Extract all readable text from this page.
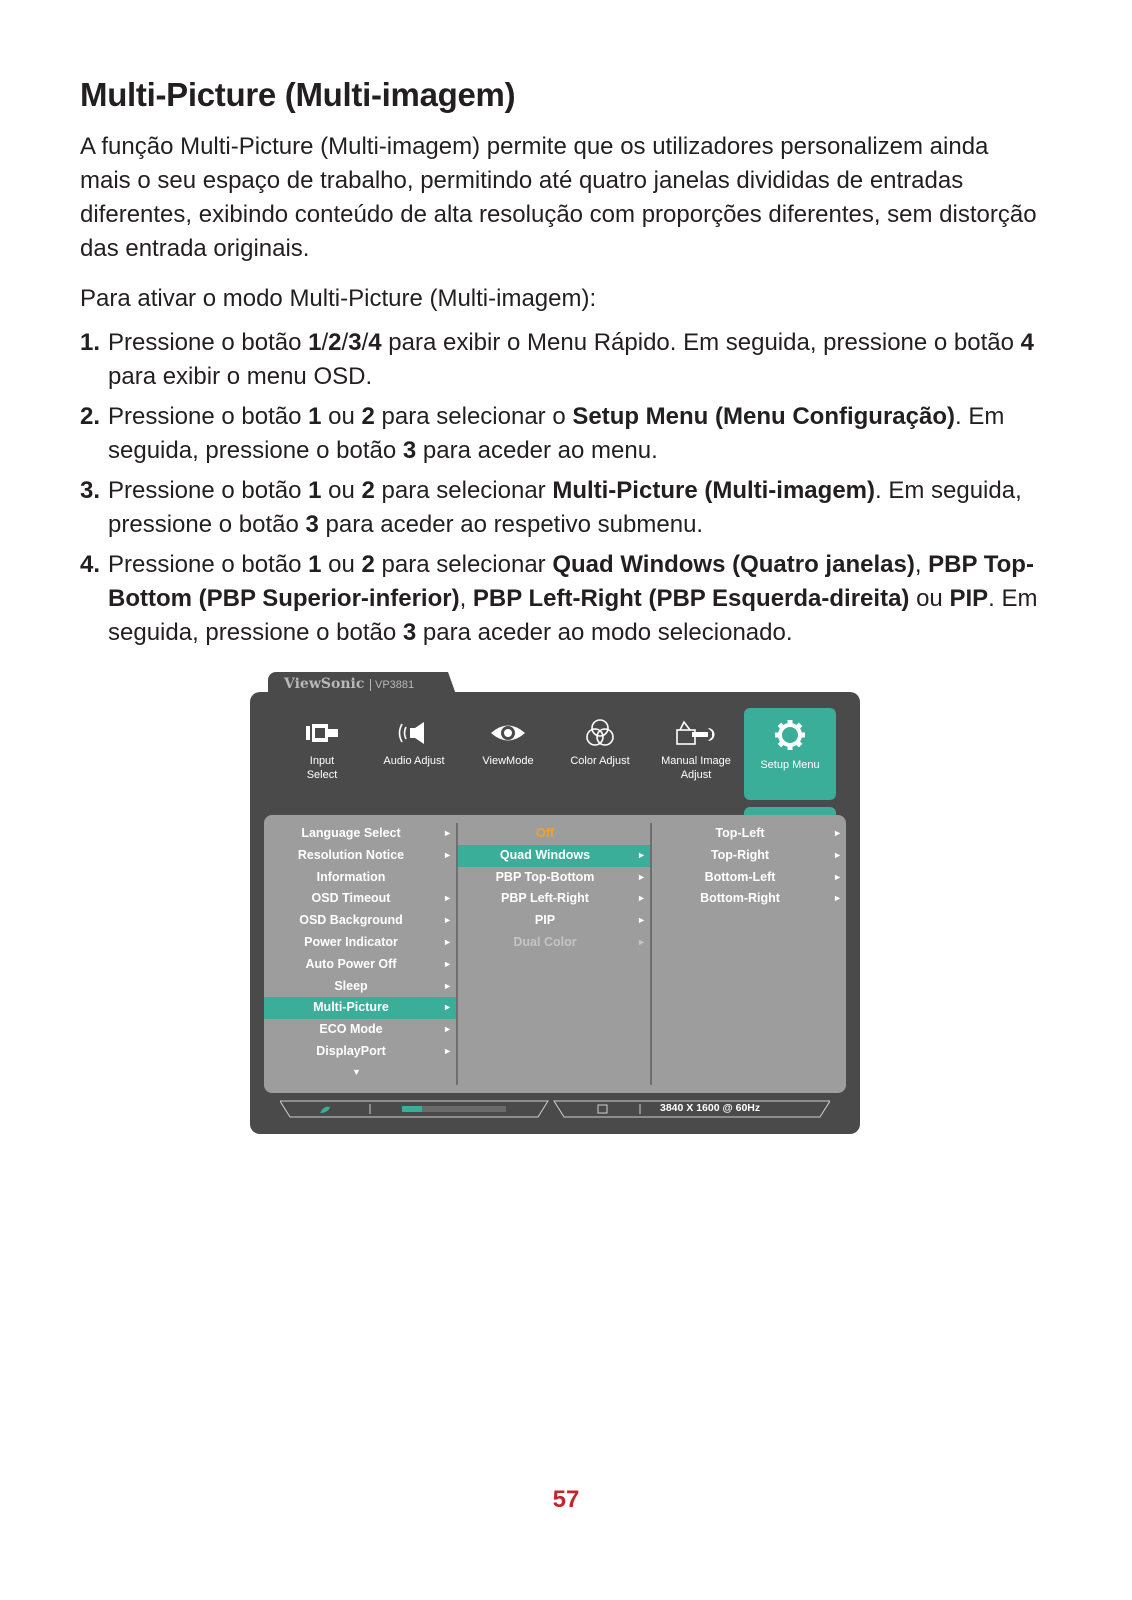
Multi-Picture (Multi-imagem)

A função Multi-Picture (Multi-imagem) permite que os utilizadores personalizem ainda mais o seu espaço de trabalho, permitindo até quatro janelas divididas de entradas diferentes, exibindo conteúdo de alta resolução com proporções diferentes, sem distorção das entrada originais.

Para ativar o modo Multi-Picture (Multi-imagem):

1. Pressione o botão 1/2/3/4 para exibir o Menu Rápido. Em seguida, pressione o botão 4 para exibir o menu OSD.
2. Pressione o botão 1 ou 2 para selecionar o Setup Menu (Menu Configuração). Em seguida, pressione o botão 3 para aceder ao menu.
3. Pressione o botão 1 ou 2 para selecionar Multi-Picture (Multi-imagem). Em seguida, pressione o botão 3 para aceder ao respetivo submenu.
4. Pressione o botão 1 ou 2 para selecionar Quad Windows (Quatro janelas), PBP Top-Bottom (PBP Superior-inferior), PBP Left-Right (PBP Esquerda-direita) ou PIP. Em seguida, pressione o botão 3 para aceder ao modo selecionado.
ViewSonic VP3881
Input
Select
Audio Adjust	ViewMode	Color Adjust	Manual Image
Adjust
Setup Menu
Language Select	►
Resolution Notice	►
Information
OSD Timeout	►
OSD Background	►
Power Indicator	►
Auto Power Off	►
Sleep	►
Multi-Picture	►
ECO Mode	►
DisplayPort	►
▼
Off
Quad Windows	►
PBP Top-Bottom	►
PBP Left-Right	►
PIP	►
Dual Color	►
Top-Left	►
Top-Right	►
Bottom-Left	►
Bottom-Right	►
3840 X 1600 @ 60Hz
57
